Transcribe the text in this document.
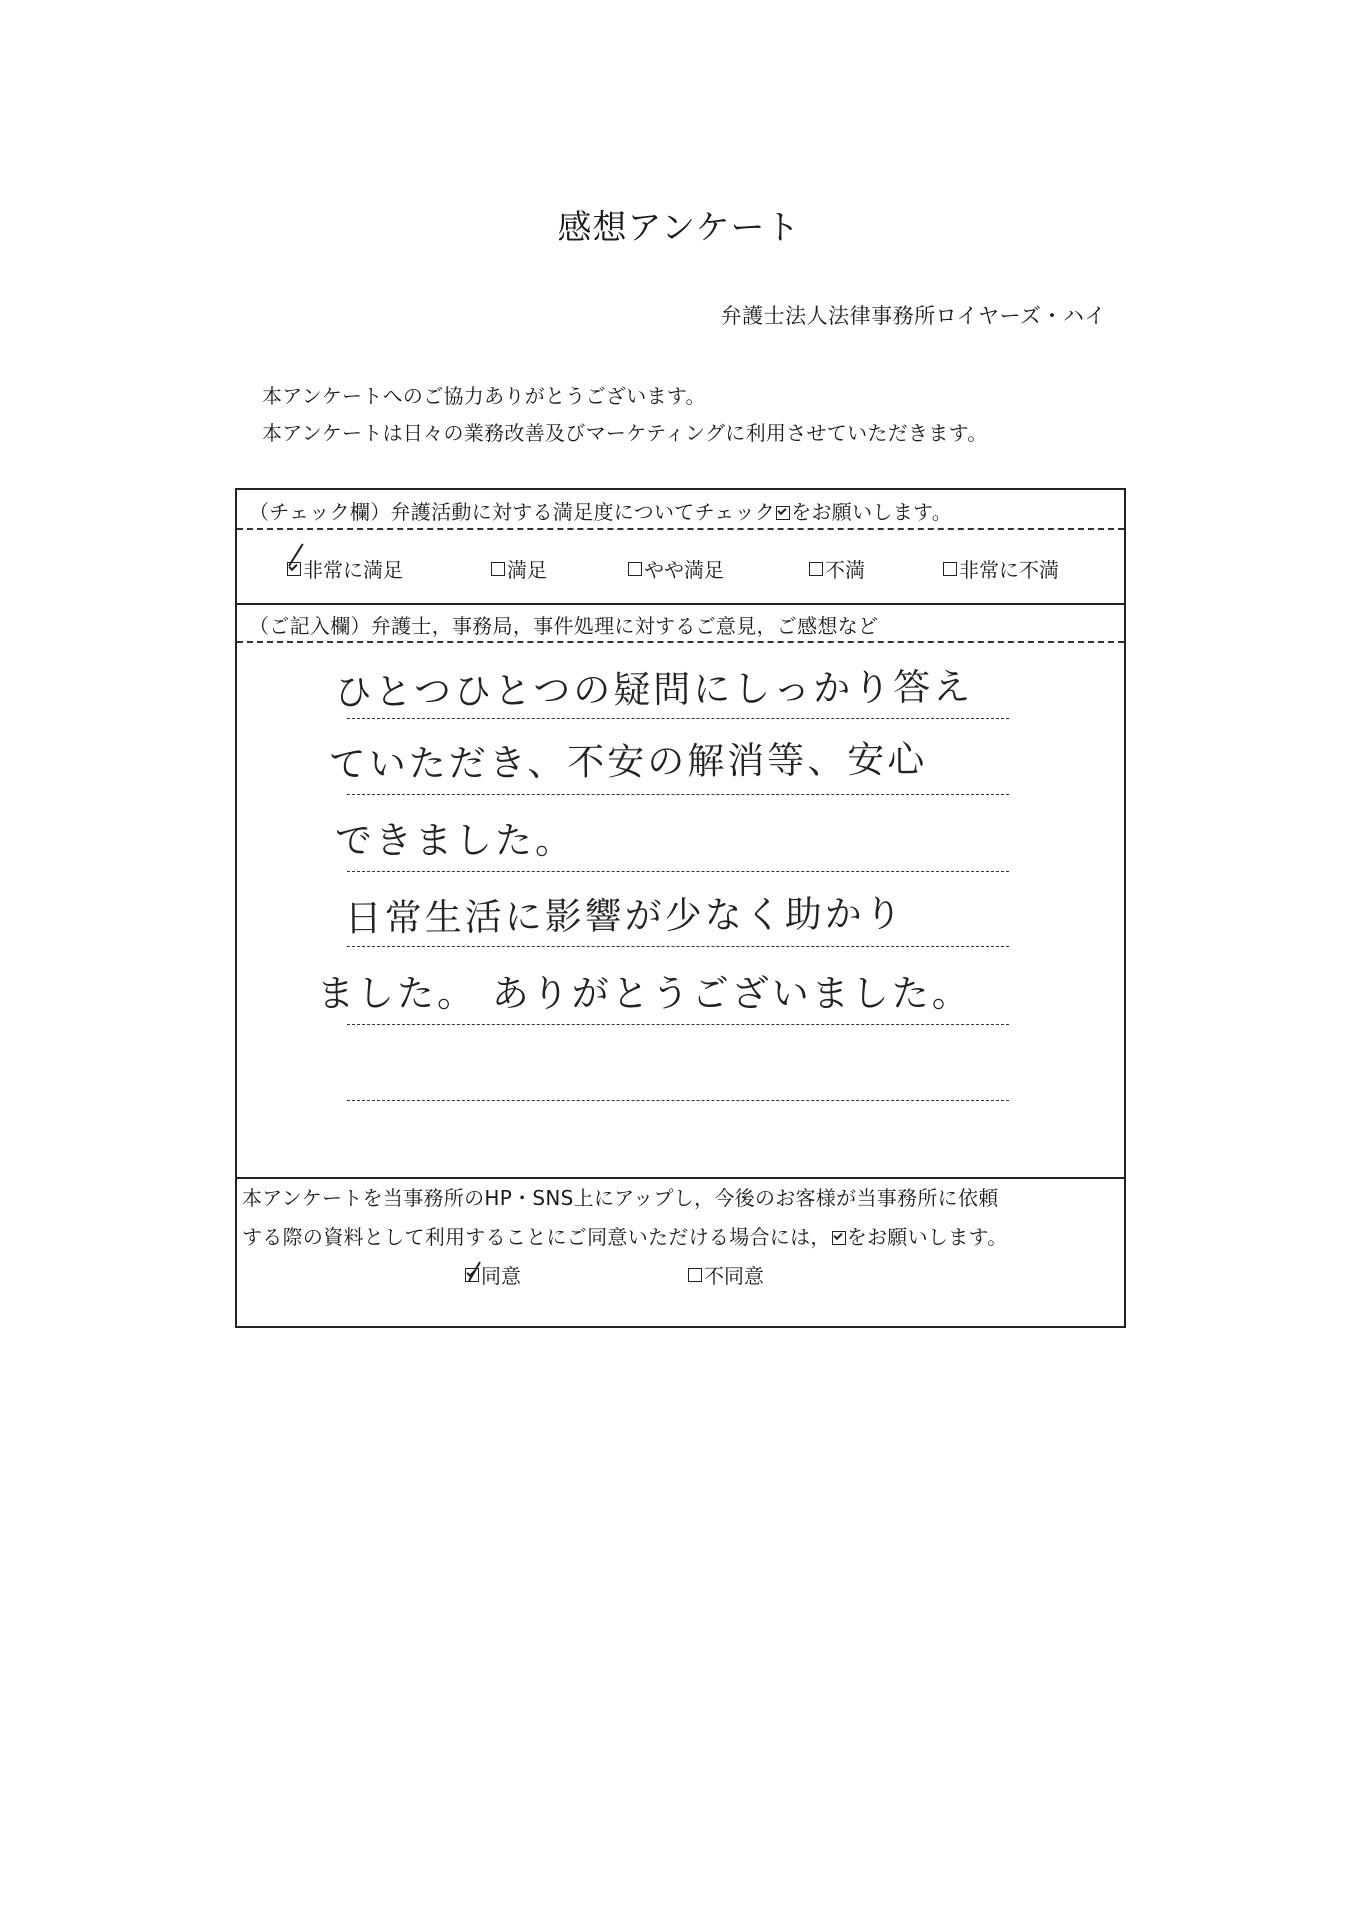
感想アンケート
弁護士法人法律事務所ロイヤーズ・ハイ
本アンケートへのご協力ありがとうございます。
本アンケートは日々の業務改善及びマーケティングに利用させていただきます。
（チェック欄）弁護活動に対する満足度についてチェック をお願いします。
非常に満足	満足	やや満足	不満	非常に不満
（ご記入欄）弁護士，事務局，事件処理に対するご意見，ご感想など
ひとつひとつの疑問にしっかり答え
ていただき、不安の解消等、安心
できました。
日常生活に影響が少なく助かり
ました。 ありがとうございました。
本アンケートを当事務所のHP・SNS上にアップし，今後のお客様が当事務所に依頼
する際の資料として利用することにご同意いただける場合には， をお願いします。
同意	不同意
